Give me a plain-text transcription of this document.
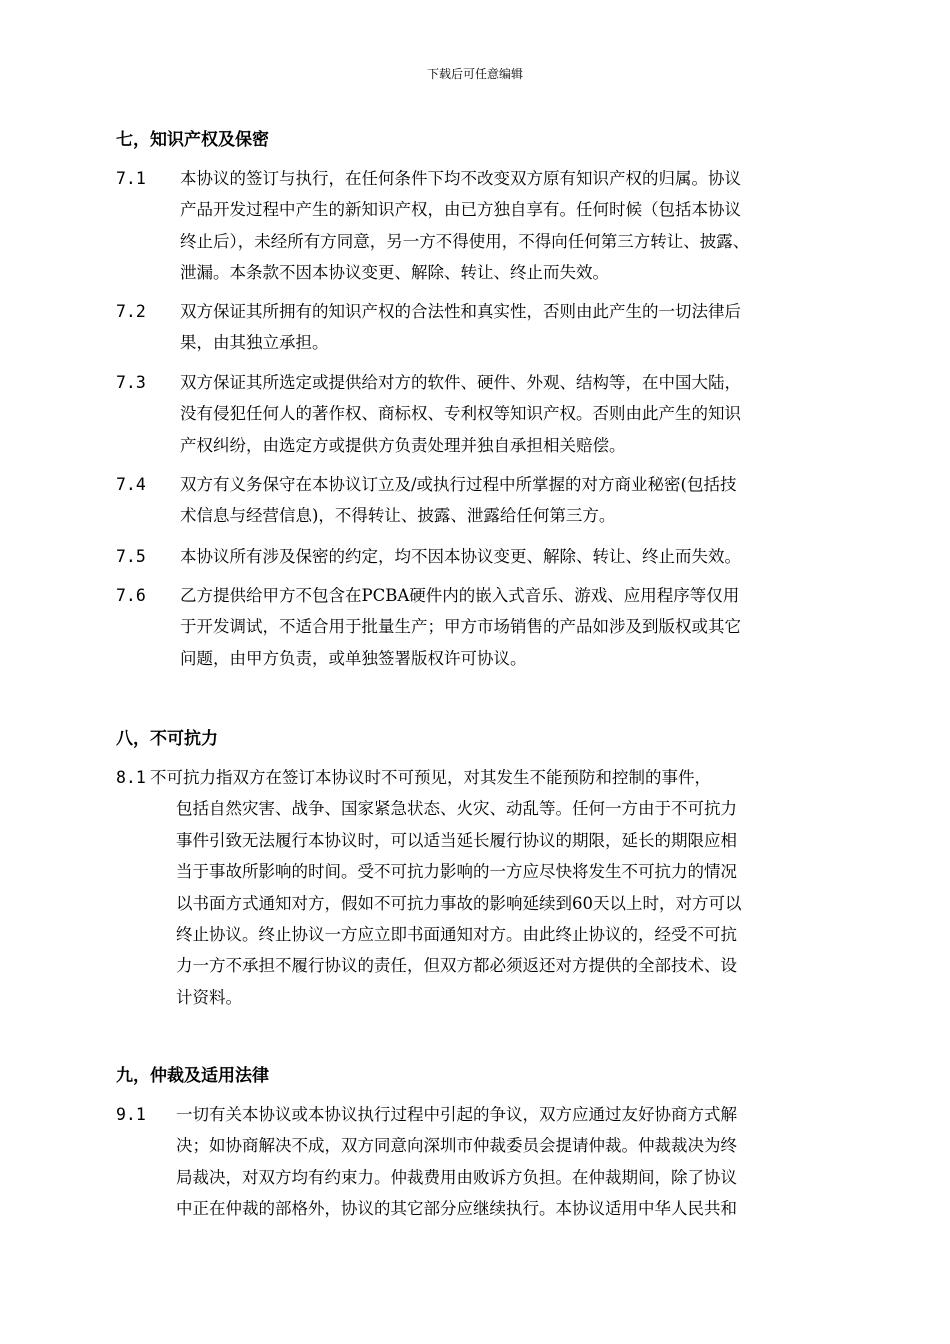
下载后可任意编辑
七，知识产权及保密
7.1 本协议的签订与执行，在任何条件下均不改变双方原有知识产权的归属。协议
产品开发过程中产生的新知识产权，由已方独自享有。任何时候（包括本协议
终止后），未经所有方同意，另一方不得使用，不得向任何第三方转让、披露、
泄漏。本条款不因本协议变更、解除、转让、终止而失效。
7.2 双方保证其所拥有的知识产权的合法性和真实性，否则由此产生的一切法律后
果，由其独立承担。
7.3 双方保证其所选定或提供给对方的软件、硬件、外观、结构等，在中国大陆，
没有侵犯任何人的著作权、商标权、专利权等知识产权。否则由此产生的知识
产权纠纷，由选定方或提供方负责处理并独自承担相关赔偿。
7.4 双方有义务保守在本协议订立及/或执行过程中所掌握的对方商业秘密(包括技
术信息与经营信息)，不得转让、披露、泄露给任何第三方。
7.5 本协议所有涉及保密的约定，均不因本协议变更、解除、转让、终止而失效。
7.6 乙方提供给甲方不包含在PCBA硬件内的嵌入式音乐、游戏、应用程序等仅用
于开发调试，不适合用于批量生产；甲方市场销售的产品如涉及到版权或其它
问题，由甲方负责，或单独签署版权许可协议。
八，不可抗力
8.1 不可抗力指双方在签订本协议时不可预见，对其发生不能预防和控制的事件，
包括自然灾害、战争、国家紧急状态、火灾、动乱等。任何一方由于不可抗力
事件引致无法履行本协议时，可以适当延长履行协议的期限，延长的期限应相
当于事故所影响的时间。受不可抗力影响的一方应尽快将发生不可抗力的情况
以书面方式通知对方，假如不可抗力事故的影响延续到60天以上时，对方可以
终止协议。终止协议一方应立即书面通知对方。由此终止协议的，经受不可抗
力一方不承担不履行协议的责任，但双方都必须返还对方提供的全部技术、设
计资料。
九，仲裁及适用法律
9.1 一切有关本协议或本协议执行过程中引起的争议，双方应通过友好协商方式解
决；如协商解决不成，双方同意向深圳市仲裁委员会提请仲裁。仲裁裁决为终
局裁决，对双方均有约束力。仲裁费用由败诉方负担。在仲裁期间，除了协议
中正在仲裁的部格外，协议的其它部分应继续执行。本协议适用中华人民共和
